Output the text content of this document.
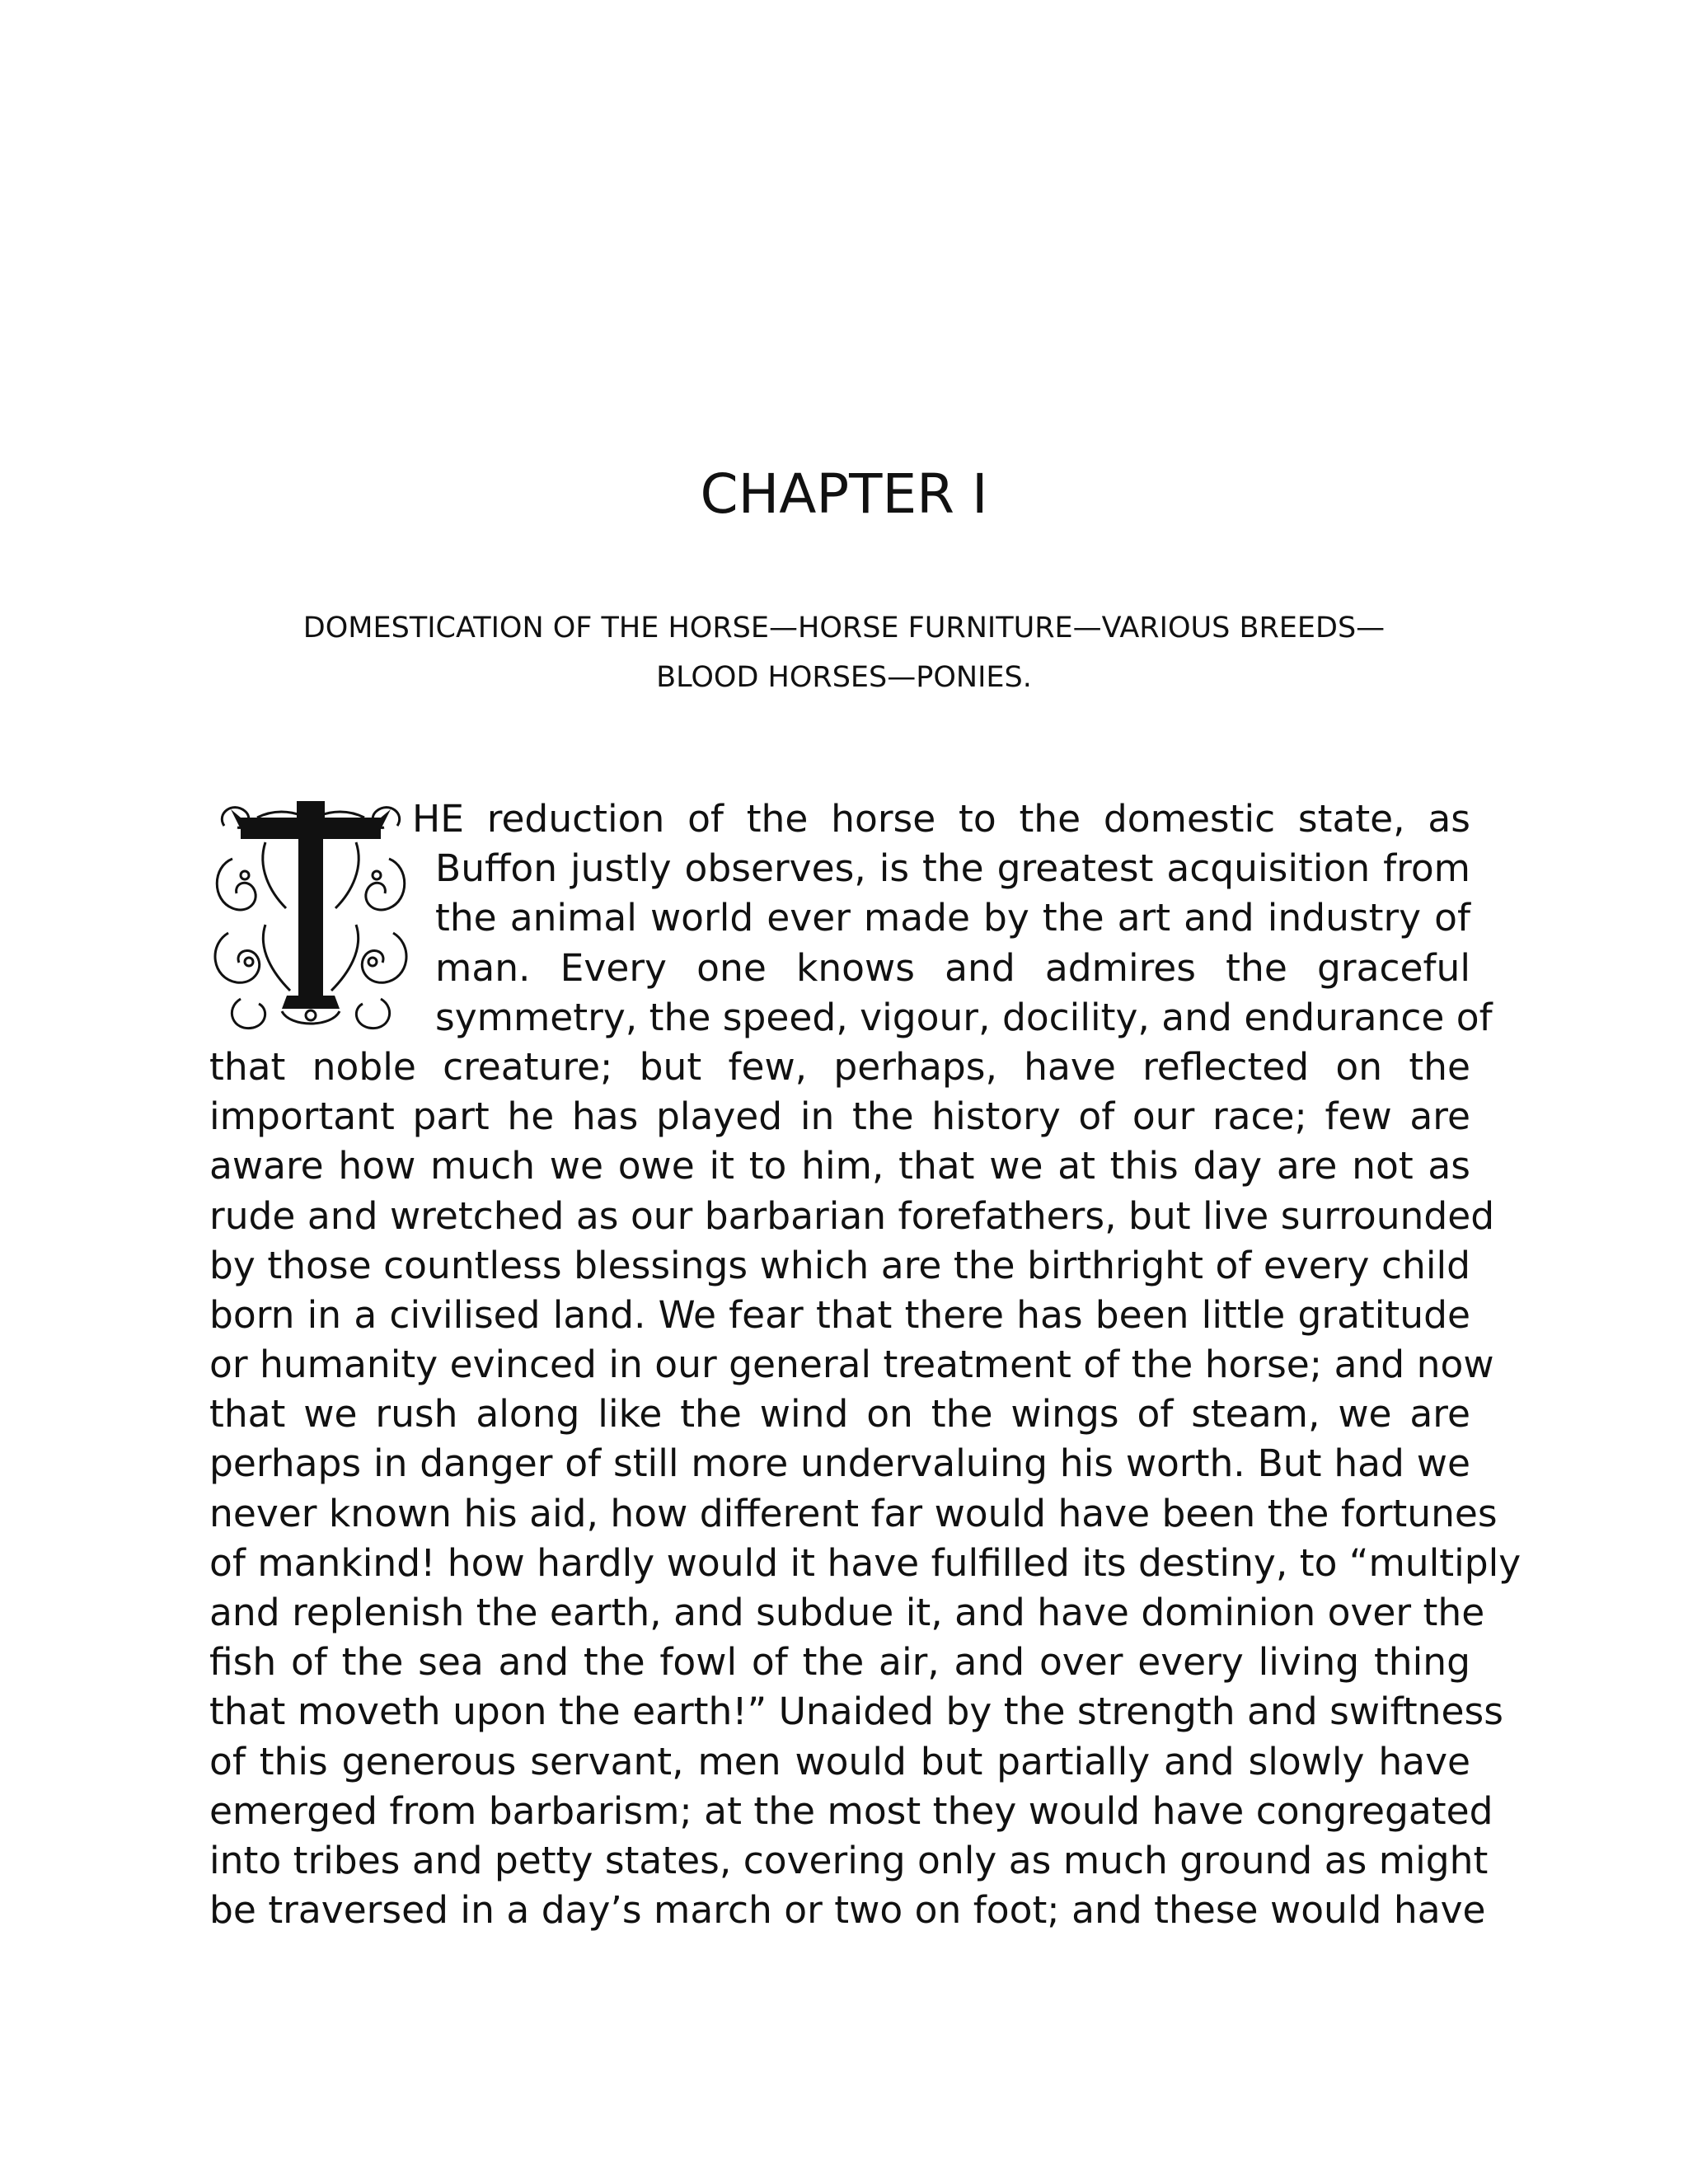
CHAPTER I
DOMESTICATION OF THE HORSE—HORSE FURNITURE—VARIOUS BREEDS—
BLOOD HORSES—PONIES.
HE reduction of the horse to the domestic state, as
Buffon justly observes, is the greatest acquisition from
the animal world ever made by the art and industry of
man. Every one knows and admires the graceful
symmetry, the speed, vigour, docility, and endurance of
that noble creature; but few, perhaps, have reflected on the
important part he has played in the history of our race; few are
aware how much we owe it to him, that we at this day are not as
rude and wretched as our barbarian forefathers, but live surrounded
by those countless blessings which are the birthright of every child
born in a civilised land. We fear that there has been little gratitude
or humanity evinced in our general treatment of the horse; and now
that we rush along like the wind on the wings of steam, we are
perhaps in danger of still more undervaluing his worth. But had we
never known his aid, how different far would have been the fortunes
of mankind! how hardly would it have fulfilled its destiny, to “multiply
and replenish the earth, and subdue it, and have dominion over the
fish of the sea and the fowl of the air, and over every living thing
that moveth upon the earth!” Unaided by the strength and swiftness
of this generous servant, men would but partially and slowly have
emerged from barbarism; at the most they would have congregated
into tribes and petty states, covering only as much ground as might
be traversed in a day’s march or two on foot; and these would have
